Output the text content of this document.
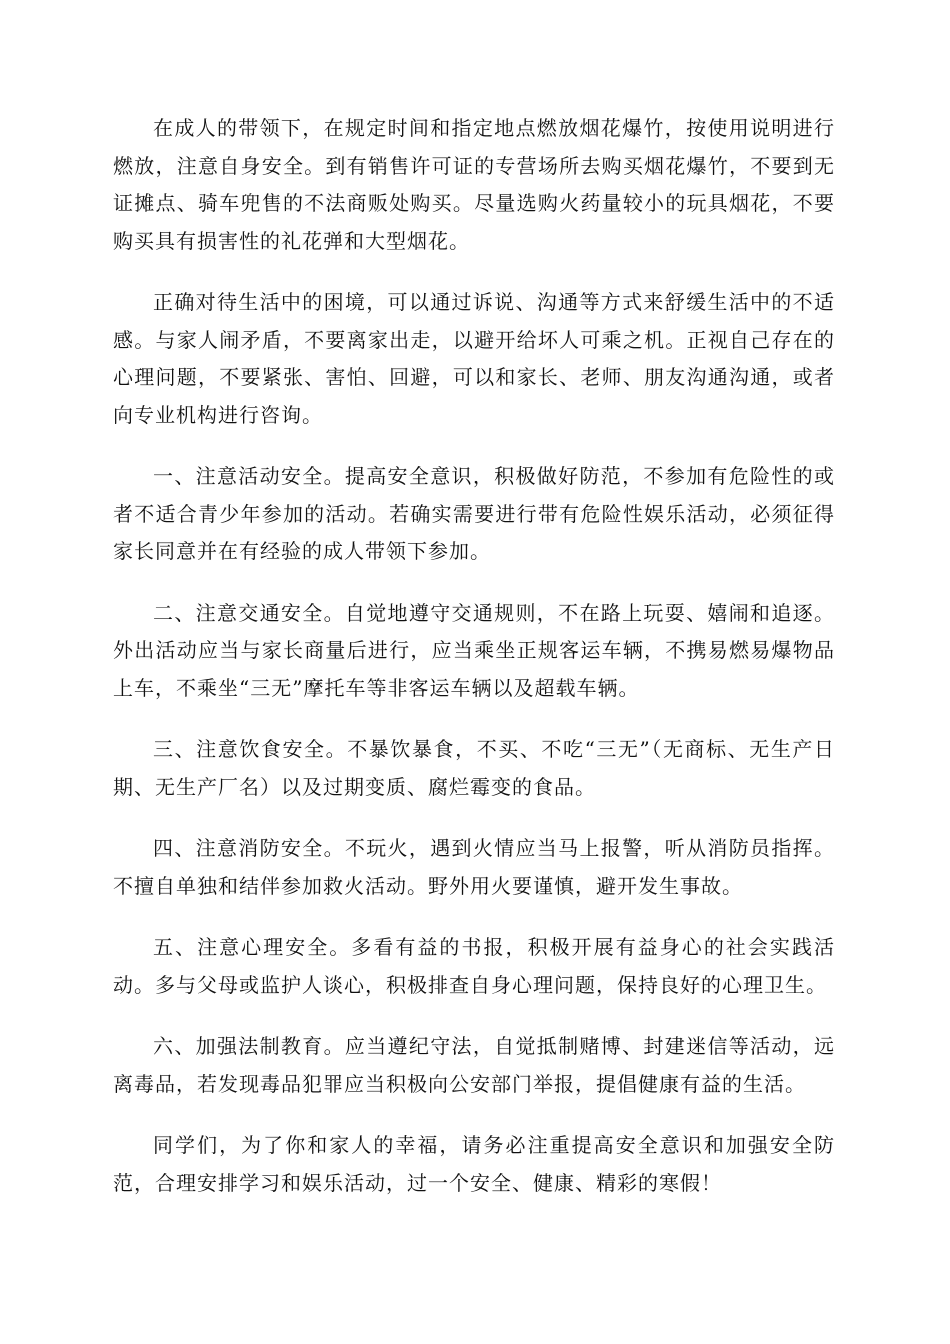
在成人的带领下，在规定时间和指定地点燃放烟花爆竹，按使用说明进行燃放，注意自身安全。到有销售许可证的专营场所去购买烟花爆竹，不要到无证摊点、骑车兜售的不法商贩处购买。尽量选购火药量较小的玩具烟花，不要购买具有损害性的礼花弹和大型烟花。

正确对待生活中的困境，可以通过诉说、沟通等方式来舒缓生活中的不适感。与家人闹矛盾，不要离家出走，以避开给坏人可乘之机。正视自己存在的心理问题，不要紧张、害怕、回避，可以和家长、老师、朋友沟通沟通，或者向专业机构进行咨询。

一、注意活动安全。提高安全意识，积极做好防范，不参加有危险性的或者不适合青少年参加的活动。若确实需要进行带有危险性娱乐活动，必须征得家长同意并在有经验的成人带领下参加。

二、注意交通安全。自觉地遵守交通规则，不在路上玩耍、嬉闹和追逐。外出活动应当与家长商量后进行，应当乘坐正规客运车辆，不携易燃易爆物品上车，不乘坐“三无”摩托车等非客运车辆以及超载车辆。

三、注意饮食安全。不暴饮暴食，不买、不吃“三无”（无商标、无生产日期、无生产厂名）以及过期变质、腐烂霉变的食品。

四、注意消防安全。不玩火，遇到火情应当马上报警，听从消防员指挥。不擅自单独和结伴参加救火活动。野外用火要谨慎，避开发生事故。

五、注意心理安全。多看有益的书报，积极开展有益身心的社会实践活动。多与父母或监护人谈心，积极排查自身心理问题，保持良好的心理卫生。

六、加强法制教育。应当遵纪守法，自觉抵制赌博、封建迷信等活动，远离毒品，若发现毒品犯罪应当积极向公安部门举报，提倡健康有益的生活。

同学们，为了你和家人的幸福，请务必注重提高安全意识和加强安全防范，合理安排学习和娱乐活动，过一个安全、健康、精彩的寒假！
